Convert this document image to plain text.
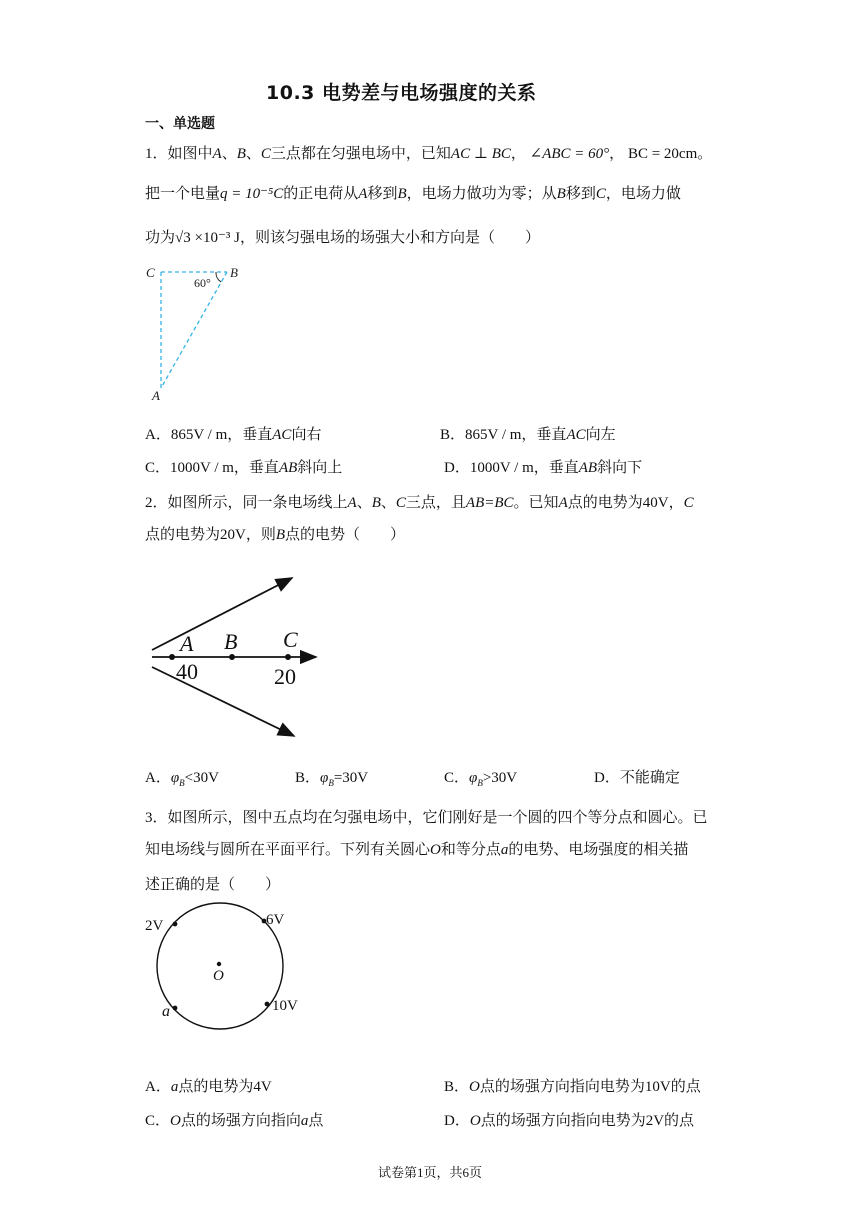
10.3 电势差与电场强度的关系
一、单选题
1．如图中A、B、C三点都在匀强电场中，已知AC ⊥ BC， ∠ABC = 60°， BC = 20cm。
把一个电量q = 10⁻⁵C的正电荷从A移到B，电场力做功为零；从B移到C，电场力做
功为√3 ×10⁻³ J，则该匀强电场的场强大小和方向是（　　）
C	B
A
60°
A．865V / m，垂直AC向右	B．865V / m，垂直AC向左
C．1000V / m，垂直AB斜向上	D．1000V / m，垂直AB斜向下
2．如图所示，同一条电场线上A、B、C三点，且AB=BC。已知A点的电势为40V，C
点的电势为20V，则B点的电势（　　）
A B C
40	20
A．$\varphi_B<30V$	B．$\varphi_B=30V$	C．$\varphi_B>30V$	D．不能确定
3．如图所示，图中五点均在匀强电场中，它们刚好是一个圆的四个等分点和圆心。已
知电场线与圆所在平面平行。下列有关圆心O和等分点a的电势、电场强度的相关描
述正确的是（　　）
2V	6V
10V
a
O
A．a点的电势为4V	B．O点的场强方向指向电势为10V的点
C．O点的场强方向指向a点	D．O点的场强方向指向电势为2V的点
试卷第1页，共6页
